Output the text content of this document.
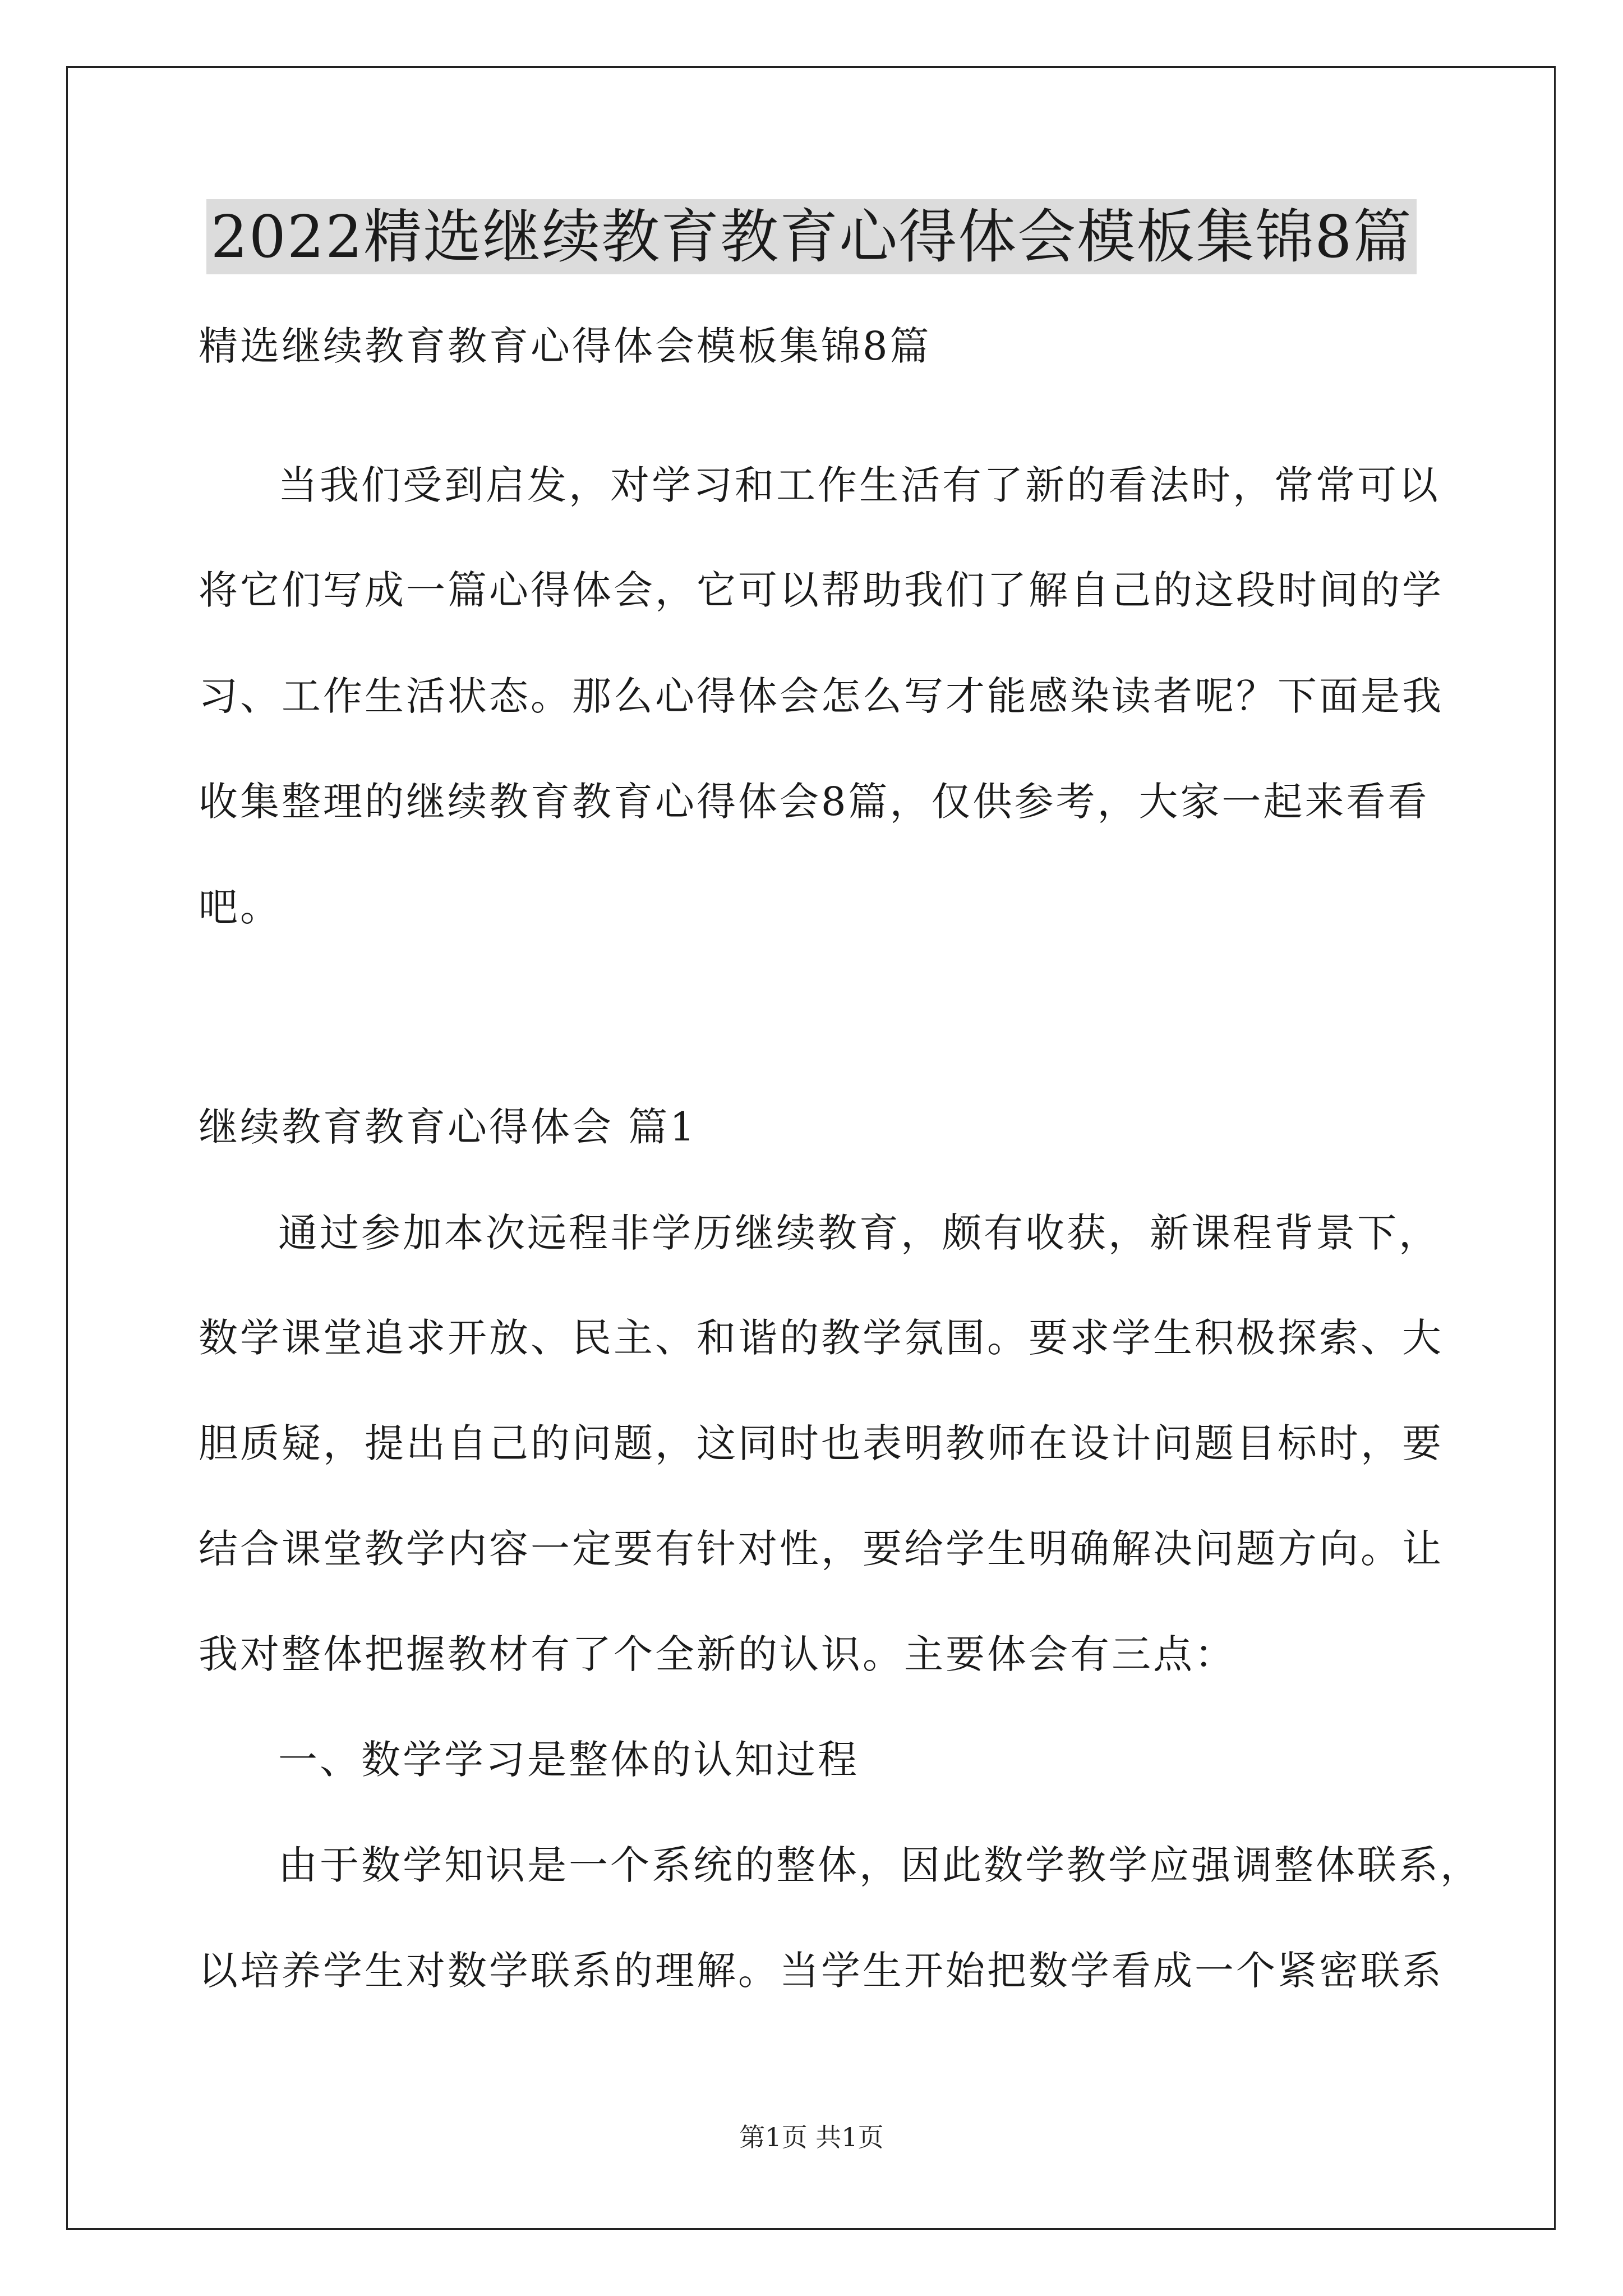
2022精选继续教育教育心得体会模板集锦8篇
精选继续教育教育心得体会模板集锦8篇
当我们受到启发，对学习和工作生活有了新的看法时，常常可以
将它们写成一篇心得体会，它可以帮助我们了解自己的这段时间的学
习、工作生活状态。那么心得体会怎么写才能感染读者呢？下面是我
收集整理的继续教育教育心得体会8篇，仅供参考，大家一起来看看
吧。
继续教育教育心得体会 篇1
通过参加本次远程非学历继续教育，颇有收获，新课程背景下，
数学课堂追求开放、民主、和谐的教学氛围。要求学生积极探索、大
胆质疑，提出自己的问题，这同时也表明教师在设计问题目标时，要
结合课堂教学内容一定要有针对性，要给学生明确解决问题方向。让
我对整体把握教材有了个全新的认识。主要体会有三点：
一、数学学习是整体的认知过程
由于数学知识是一个系统的整体，因此数学教学应强调整体联系，
以培养学生对数学联系的理解。当学生开始把数学看成一个紧密联系
第1页 共1页
